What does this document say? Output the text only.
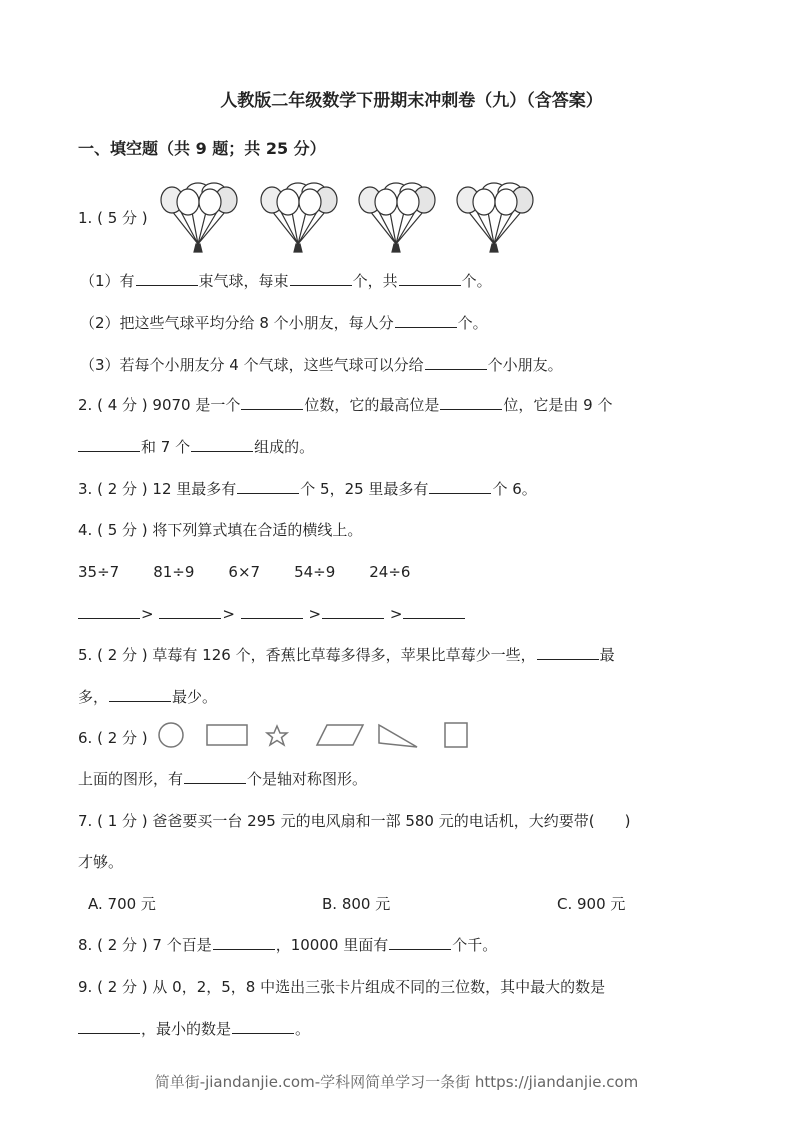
人教版二年级数学下册期末冲刺卷（九）（含答案）
一、填空题（共 9 题；共 25 分）
1. ( 5 分 )
（1）有	束气球，每束	个，共	个。
（2）把这些气球平均分给 8 个小朋友，每人分	个。
（3）若每个小朋友分 4 个气球，这些气球可以分给	个小朋友。
2. ( 4 分 ) 9070 是一个	位数，它的最高位是	位，它是由 9 个
和 7 个	组成的。
3. ( 2 分 ) 12 里最多有	个 5，25 里最多有	个 6。
4. ( 5 分 ) 将下列算式填在合适的横线上。
35÷7 81÷9 6×7 54÷9 24÷6
>	>	>	>
5. ( 2 分 ) 草莓有 126 个，香蕉比草莓多得多，苹果比草莓少一些，	最
多，	最少。
6. ( 2 分 )
上面的图形，有	个是轴对称图形。
7. ( 1 分 ) 爸爸要买一台 295 元的电风扇和一部 580 元的电话机，大约要带(　　)
才够。
A. 700 元	B. 800 元	C. 900 元
8. ( 2 分 ) 7 个百是	，10000 里面有	个千。
9. ( 2 分 ) 从 0，2，5，8 中选出三张卡片组成不同的三位数，其中最大的数是
，最小的数是	。
简单街-jiandanjie.com-学科网简单学习一条街 https://jiandanjie.com
